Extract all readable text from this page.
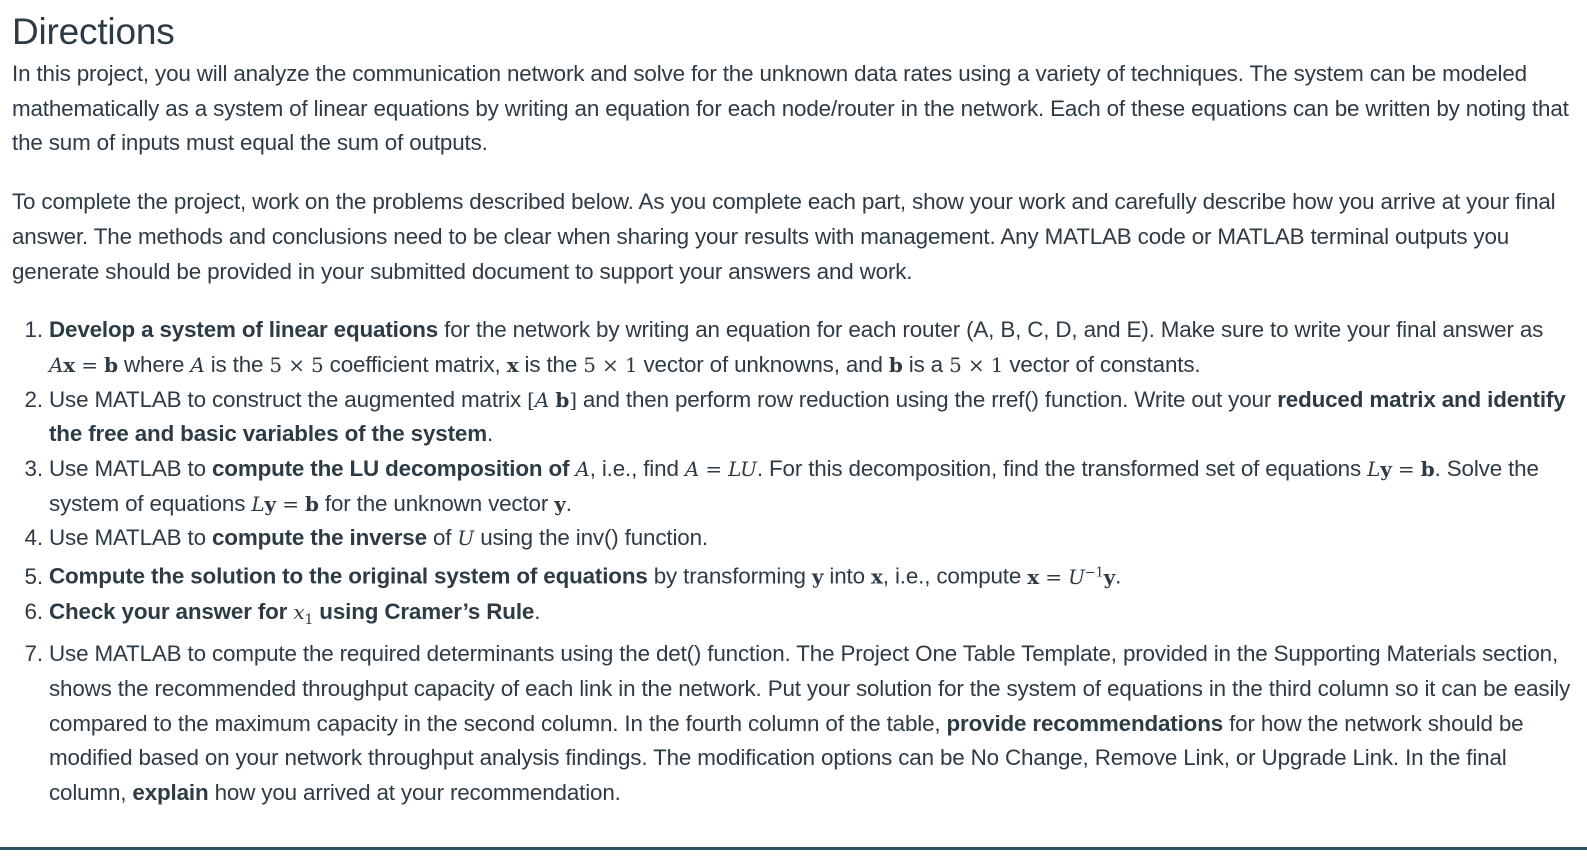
Directions

In this project, you will analyze the communication network and solve for the unknown data rates using a variety of techniques. The system can be modeled mathematically as a system of linear equations by writing an equation for each node/router in the network. Each of these equations can be written by noting that the sum of inputs must equal the sum of outputs.

To complete the project, work on the problems described below. As you complete each part, show your work and carefully describe how you arrive at your final answer. The methods and conclusions need to be clear when sharing your results with management. Any MATLAB code or MATLAB terminal outputs you generate should be provided in your submitted document to support your answers and work.

1. Develop a system of linear equations for the network by writing an equation for each router (A, B, C, D, and E). Make sure to write your final answer as Ax = b where A is the 5 × 5 coefficient matrix, x is the 5 × 1 vector of unknowns, and b is a 5 × 1 vector of constants.
2. Use MATLAB to construct the augmented matrix [A b] and then perform row reduction using the rref() function. Write out your reduced matrix and identify the free and basic variables of the system.
3. Use MATLAB to compute the LU decomposition of A, i.e., find A = LU. For this decomposition, find the transformed set of equations Ly = b. Solve the system of equations Ly = b for the unknown vector y.
4. Use MATLAB to compute the inverse of U using the inv() function.
5. Compute the solution to the original system of equations by transforming y into x, i.e., compute $x = U^{-1}y$.
6. Check your answer for $x_1$ using Cramer’s Rule.
7. Use MATLAB to compute the required determinants using the det() function. The Project One Table Template, provided in the Supporting Materials section, shows the recommended throughput capacity of each link in the network. Put your solution for the system of equations in the third column so it can be easily compared to the maximum capacity in the second column. In the fourth column of the table, provide recommendations for how the network should be modified based on your network throughput analysis findings. The modification options can be No Change, Remove Link, or Upgrade Link. In the final column, explain how you arrived at your recommendation.
